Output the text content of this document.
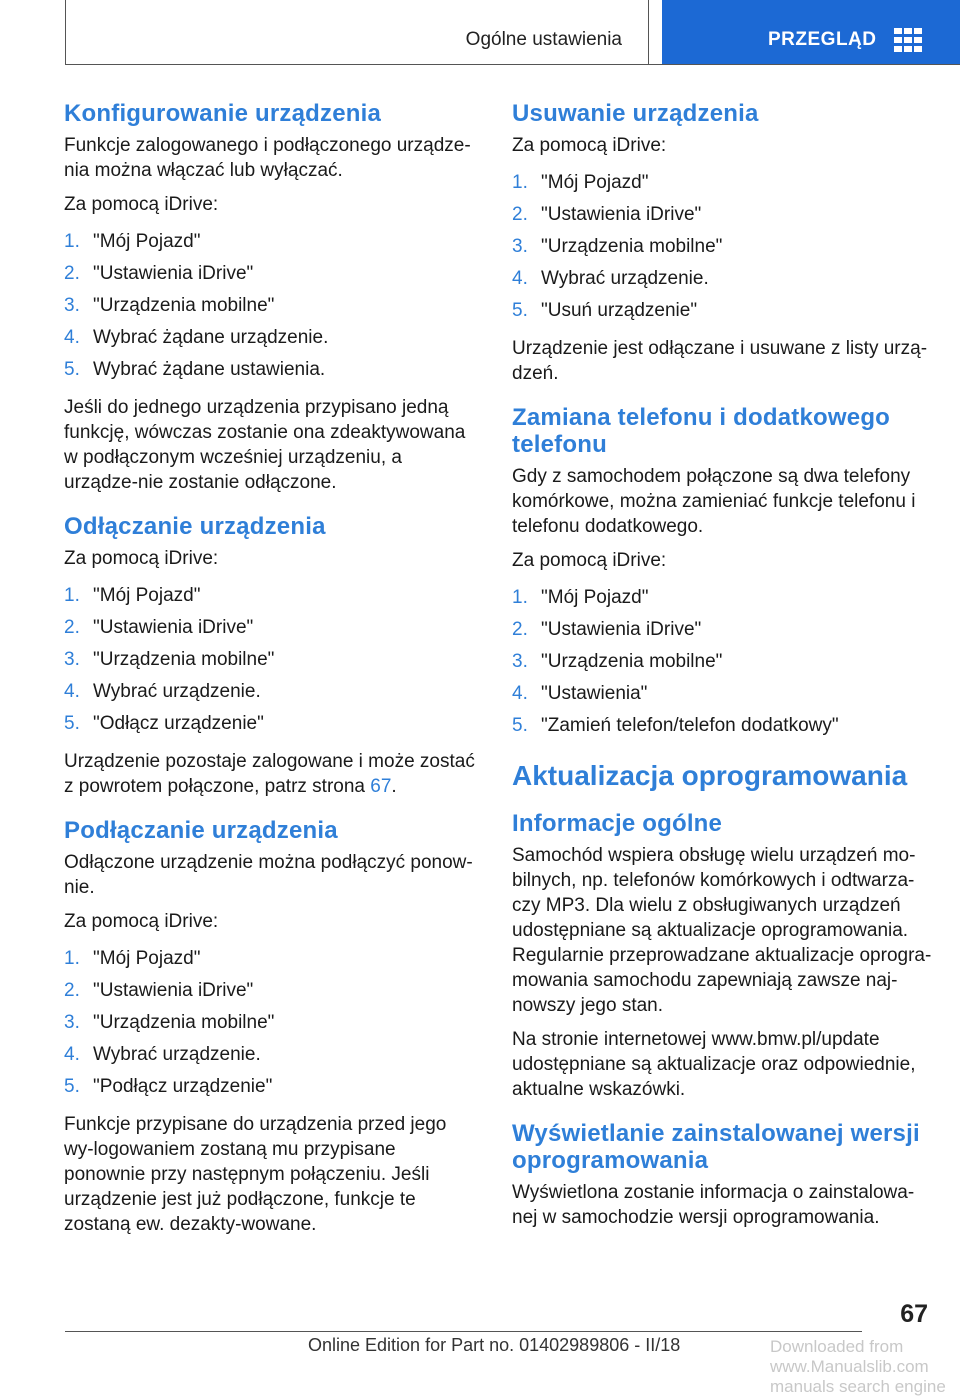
Ogólne ustawienia	PRZEGLĄD
Konfigurowanie urządzenia

Funkcje zalogowanego i podłączonego urządze-nia można włączać lub wyłączać.

Za pomocą iDrive:

1. "Mój Pojazd"
2. "Ustawienia iDrive"
3. "Urządzenia mobilne"
4. Wybrać żądane urządzenie.
5. Wybrać żądane ustawienia.

Jeśli do jednego urządzenia przypisano jedną funkcję, wówczas zostanie ona zdeaktywowana w podłączonym wcześniej urządzeniu, a urządze-nie zostanie odłączone.

Odłączanie urządzenia

Za pomocą iDrive:

1. "Mój Pojazd"
2. "Ustawienia iDrive"
3. "Urządzenia mobilne"
4. Wybrać urządzenie.
5. "Odłącz urządzenie"

Urządzenie pozostaje zalogowane i może zostać z powrotem połączone, patrz strona 67.

Podłączanie urządzenia

Odłączone urządzenie można podłączyć ponow-nie.

Za pomocą iDrive:

1. "Mój Pojazd"
2. "Ustawienia iDrive"
3. "Urządzenia mobilne"
4. Wybrać urządzenie.
5. "Podłącz urządzenie"

Funkcje przypisane do urządzenia przed jego wy-logowaniem zostaną mu przypisane ponownie przy następnym połączeniu. Jeśli urządzenie jest już podłączone, funkcje te zostaną ew. dezakty-wowane.

Usuwanie urządzenia

Za pomocą iDrive:

1. "Mój Pojazd"
2. "Ustawienia iDrive"
3. "Urządzenia mobilne"
4. Wybrać urządzenie.
5. "Usuń urządzenie"

Urządzenie jest odłączane i usuwane z listy urzą-dzeń.

Zamiana telefonu i dodatkowego telefonu

Gdy z samochodem połączone są dwa telefony komórkowe, można zamieniać funkcje telefonu i telefonu dodatkowego.

Za pomocą iDrive:

1. "Mój Pojazd"
2. "Ustawienia iDrive"
3. "Urządzenia mobilne"
4. "Ustawienia"
5. "Zamień telefon/telefon dodatkowy"
Aktualizacja oprogramowania
Informacje ogólne

Samochód wspiera obsługę wielu urządzeń mo-bilnych, np. telefonów komórkowych i odtwarza-czy MP3. Dla wielu z obsługiwanych urządzeń udostępniane są aktualizacje oprogramowania. Regularnie przeprowadzane aktualizacje oprogra-mowania samochodu zapewniają zawsze naj-nowszy jego stan.

Na stronie internetowej www.bmw.pl/update udostępniane są aktualizacje oraz odpowiednie, aktualne wskazówki.

Wyświetlanie zainstalowanej wersji oprogramowania

Wyświetlona zostanie informacja o zainstalowa-nej w samochodzie wersji oprogramowania.

67
Online Edition for Part no. 01402989806 - II/18	Downloaded from www.Manualslib.com manuals search engine
